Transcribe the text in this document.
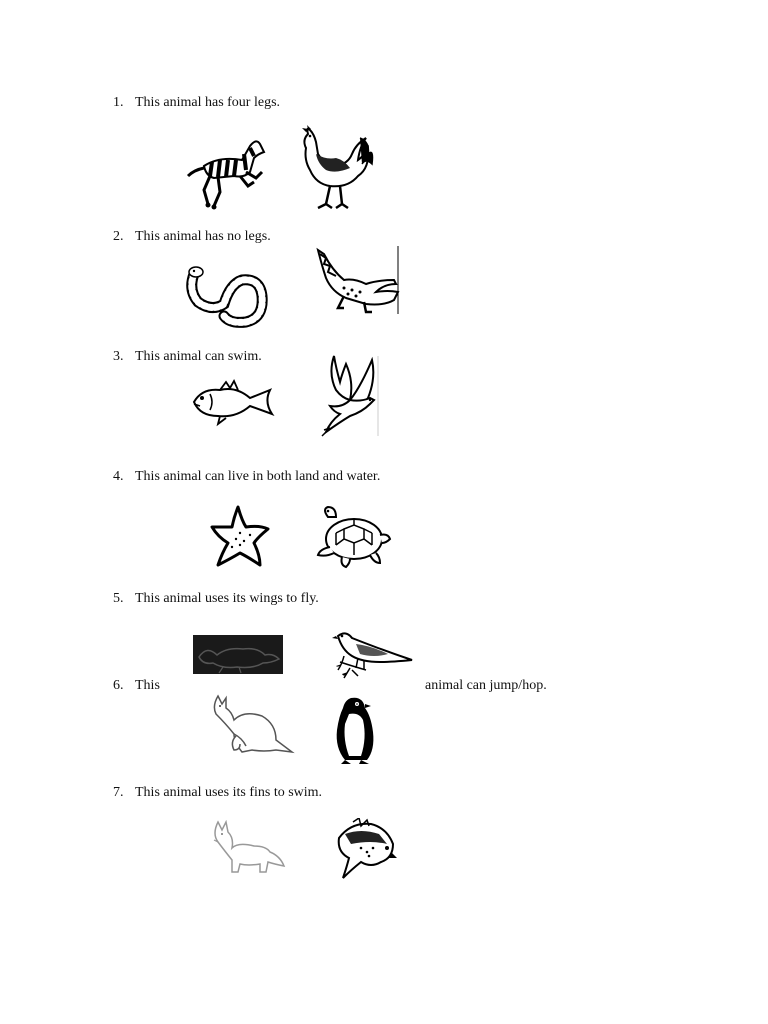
1. This animal has four legs.
2. This animal has no legs.
3. This animal can swim.
4. This animal can live in both land and water.
5. This animal uses its wings to fly.
6. This	animal can jump/hop.
7. This animal uses its fins to swim.
